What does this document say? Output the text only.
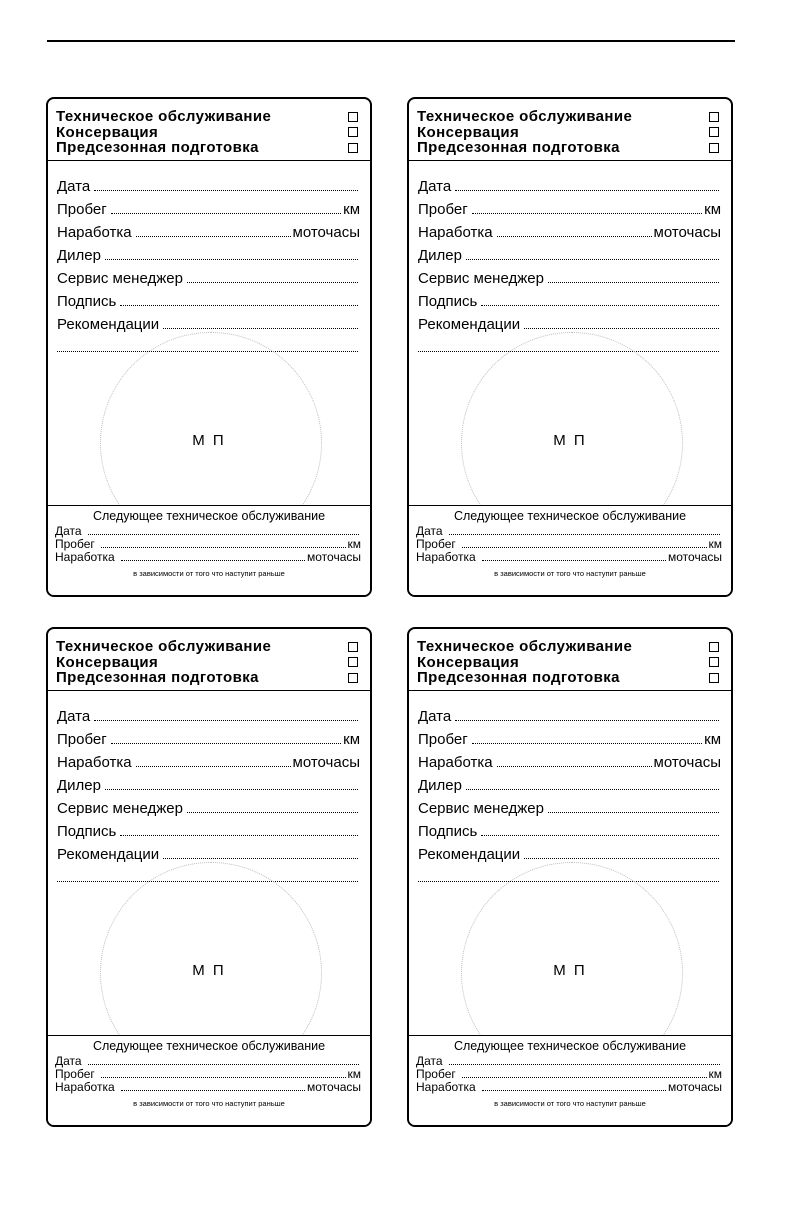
Техническое обслуживание
Консервация
Предсезонная подготовка
М П
Дата
Пробег	км
Наработка	моточасы
Дилер
Сервис менеджер
Подпись
Рекомендации
Следующее техническое обслуживание
Дата
Пробег	км
Наработка	моточасы
в зависимости от того что наступит раньше
Техническое обслуживание
Консервация
Предсезонная подготовка
М П
Дата
Пробег	км
Наработка	моточасы
Дилер
Сервис менеджер
Подпись
Рекомендации
Следующее техническое обслуживание
Дата
Пробег	км
Наработка	моточасы
в зависимости от того что наступит раньше
Техническое обслуживание
Консервация
Предсезонная подготовка
М П
Дата
Пробег	км
Наработка	моточасы
Дилер
Сервис менеджер
Подпись
Рекомендации
Следующее техническое обслуживание
Дата
Пробег	км
Наработка	моточасы
в зависимости от того что наступит раньше
Техническое обслуживание
Консервация
Предсезонная подготовка
М П
Дата
Пробег	км
Наработка	моточасы
Дилер
Сервис менеджер
Подпись
Рекомендации
Следующее техническое обслуживание
Дата
Пробег	км
Наработка	моточасы
в зависимости от того что наступит раньше
